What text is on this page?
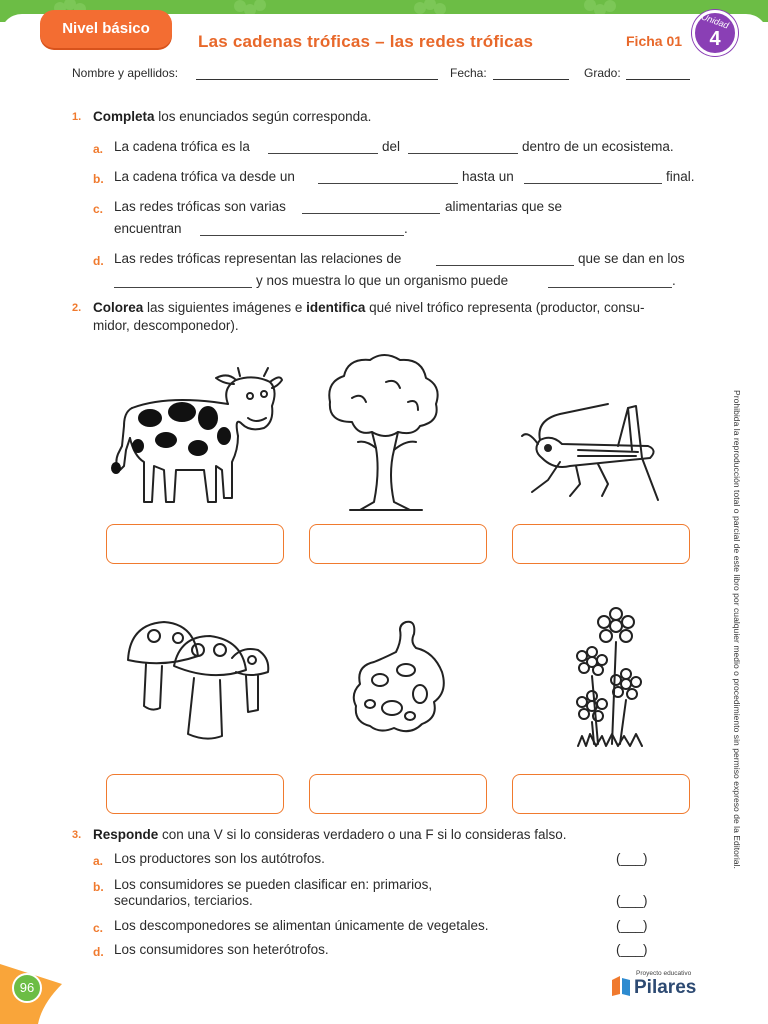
Nivel básico
Las cadenas tróficas – las redes tróficas	Ficha 01
Unidad
4
Nombre y apellidos:	Fecha:	Grado:
1. Completa los enunciados según corresponda.
a. La cadena trófica es la	del	dentro de un ecosistema.
b. La cadena trófica va desde un	hasta un	final.
c. Las redes tróficas son varias	alimentarias que se
encuentran	.
d. Las redes tróficas representan las relaciones de	que se dan en los
y nos muestra lo que un organismo puede	.
2. Colorea las siguientes imágenes e identifica qué nivel trófico representa (productor, consu-
midor, descomponedor).
3. Responde con una V si lo consideras verdadero o una F si lo consideras falso.
a. Los productores son los autótrofos.	(___)
b. Los consumidores se pueden clasificar en: primarios,
secundarios, terciarios.	(___)
c. Los descomponedores se alimentan únicamente de vegetales.	(___)
d. Los consumidores son heterótrofos.	(___)
Prohibida la reproducción total o parcial de este libro por cualquier medio o procedimiento sin permiso expreso de la Editorial.
96
Proyecto educativo
Pilares
